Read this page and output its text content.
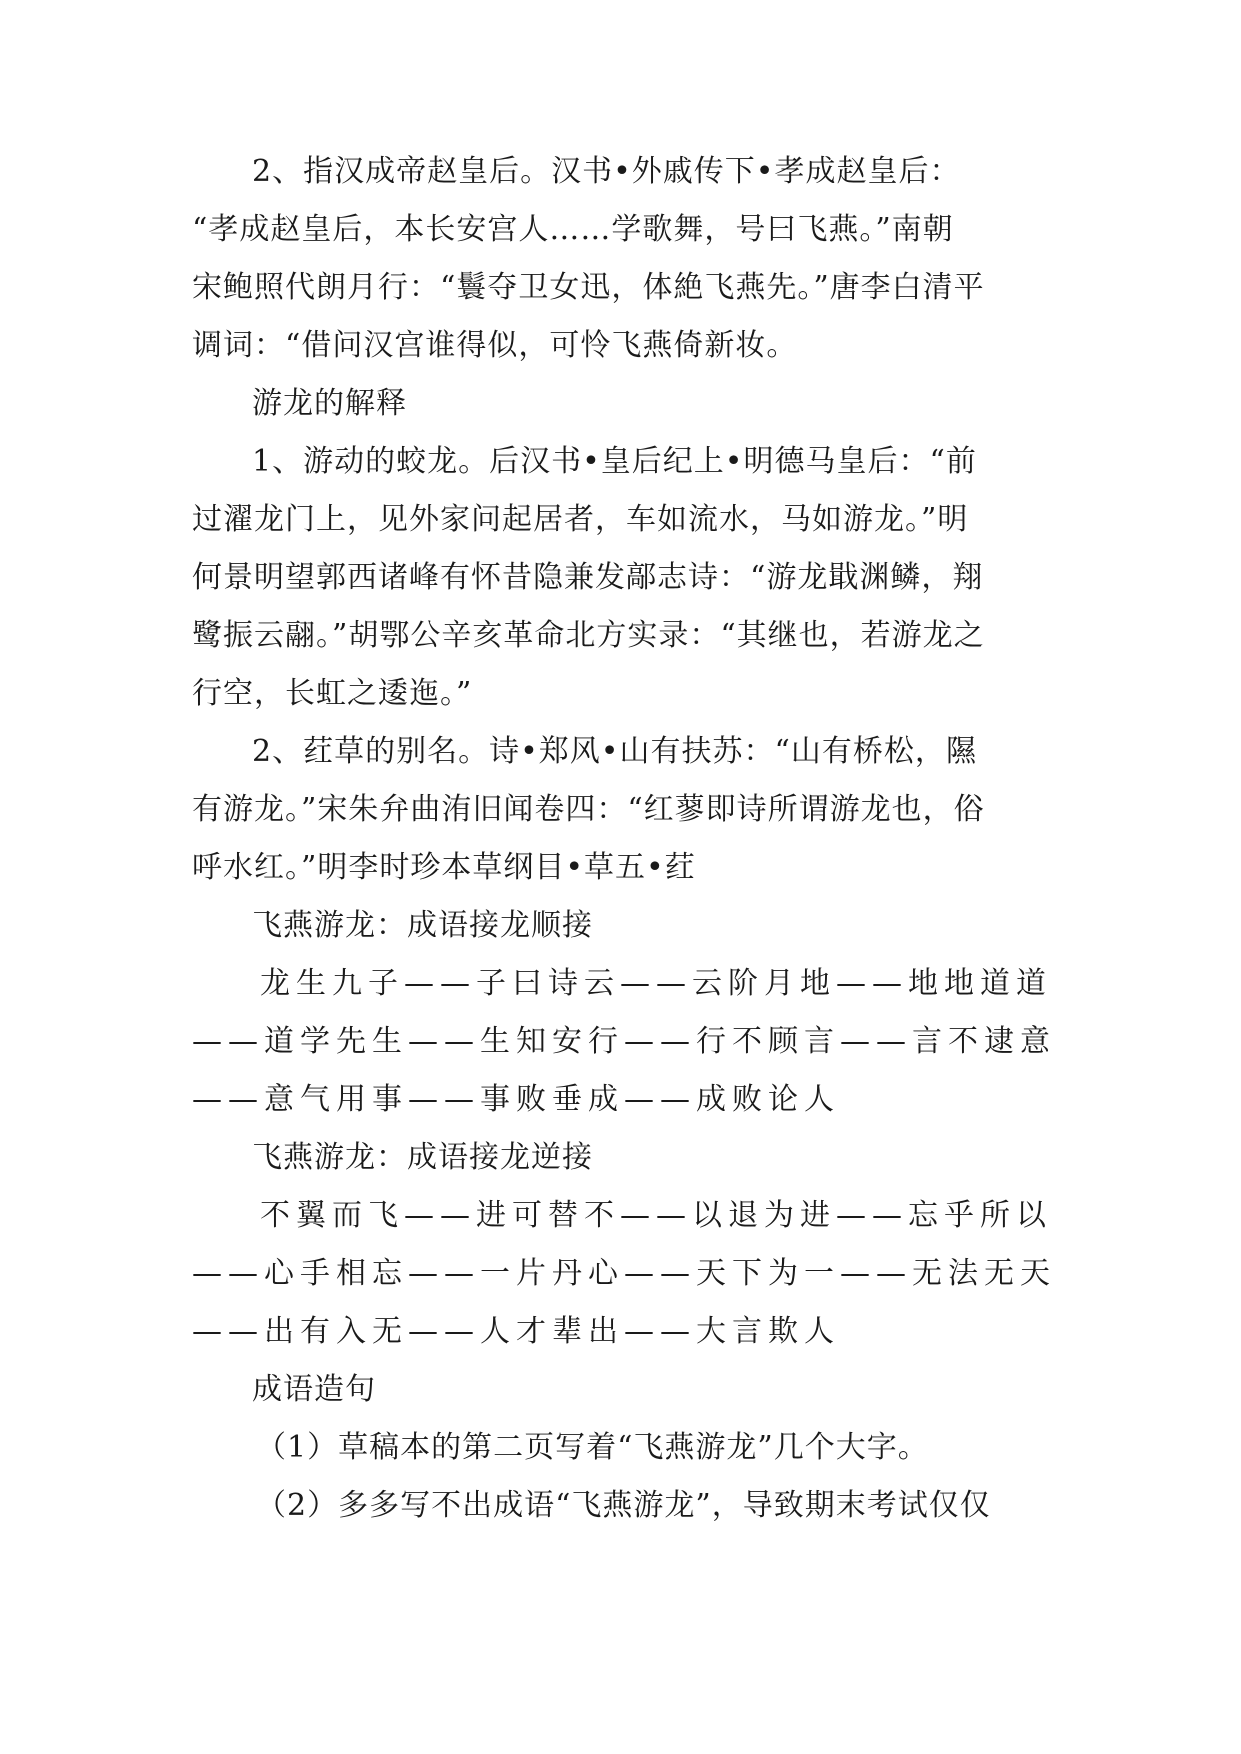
2、指汉成帝赵皇后。汉书•外戚传下•孝成赵皇后：
“孝成赵皇后，本长安宫人……学歌舞，号曰飞燕。”南朝
宋鲍照代朗月行：“鬟夺卫女迅，体絶飞燕先。”唐李白清平
调词：“借问汉宫谁得似，可怜飞燕倚新妆。
游龙的解释
1、游动的蛟龙。后汉书•皇后纪上•明德马皇后：“前
过濯龙门上，见外家问起居者，车如流水，马如游龙。”明
何景明望郭西诸峰有怀昔隐兼发鄗志诗：“游龙戢渊鳞，翔
鹭振云翮。”胡鄂公辛亥革命北方实录：“其继也，若游龙之
行空，长虹之逶迤。”
2、荭草的别名。诗•郑风•山有扶苏：“山有桥松，隰
有游龙。”宋朱弁曲洧旧闻卷四：“红蓼即诗所谓游龙也，俗
呼水红。”明李时珍本草纲目•草五•荭
飞燕游龙：成语接龙顺接
龙生九子——子曰诗云——云阶月地——地地道道
——道学先生——生知安行——行不顾言——言不逮意
——意气用事——事败垂成——成败论人
飞燕游龙：成语接龙逆接
不翼而飞——进可替不——以退为进——忘乎所以
——心手相忘——一片丹心——天下为一——无法无天
——出有入无——人才辈出——大言欺人
成语造句
（1）草稿本的第二页写着“飞燕游龙”几个大字。
（2）多多写不出成语“飞燕游龙”，导致期末考试仅仅
